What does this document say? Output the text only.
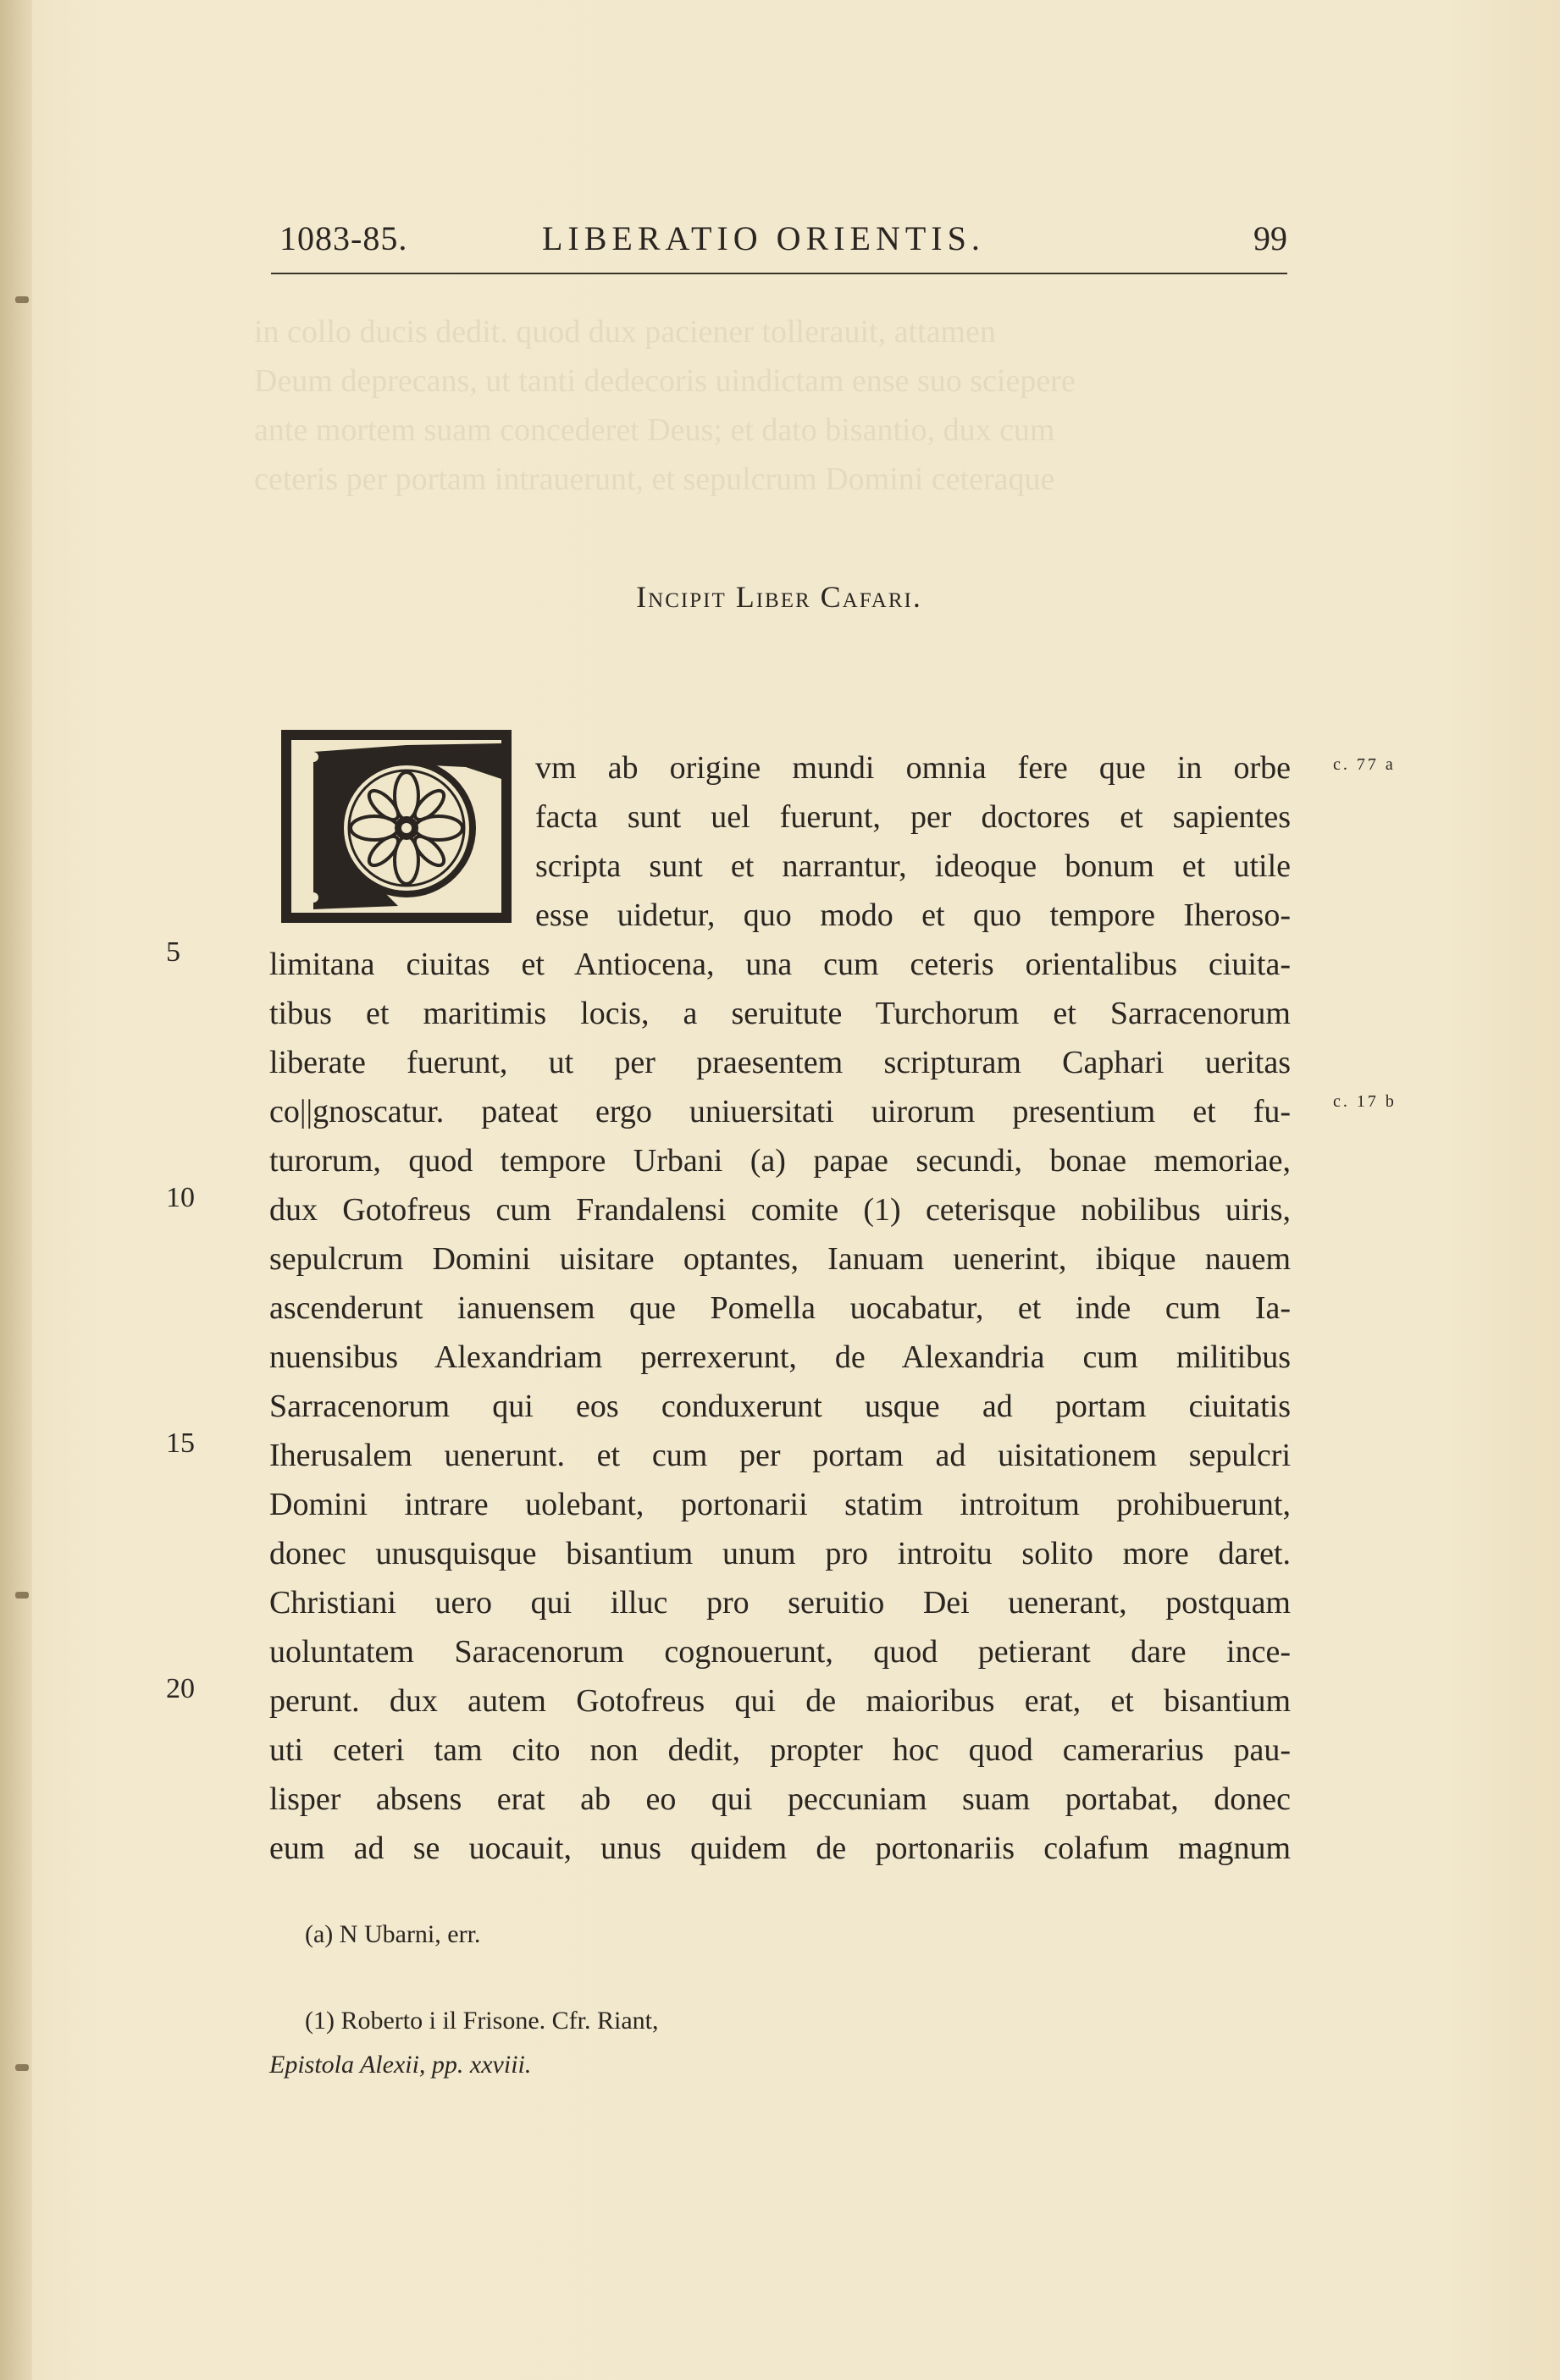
in collo ducis dedit. quod dux paciener tollerauit, attamen
Deum deprecans, ut tanti dedecoris uindictam ense suo sciepere
ante mortem suam concederet Deus; et dato bisantio, dux cum
ceteris per portam intrauerunt, et sepulcrum Domini ceteraque
1083-85.	LIBERATIO ORIENTIS.	99
Incipit Liber Cafari.
vm ab origine mundi omnia fere que in orbe
facta sunt uel fuerunt, per doctores et sapientes
scripta sunt et narrantur, ideoque bonum et utile
esse uidetur, quo modo et quo tempore Iheroso-
limitana ciuitas et Antiocena, una cum ceteris orientalibus ciuita-
tibus et maritimis locis, a seruitute Turchorum et Sarracenorum
liberate fuerunt, ut per praesentem scripturam Caphari ueritas
co||gnoscatur. pateat ergo uniuersitati uirorum presentium et fu-
turorum, quod tempore Urbani (a) papae secundi, bonae memoriae,
dux Gotofreus cum Frandalensi comite (1) ceterisque nobilibus uiris,
sepulcrum Domini uisitare optantes, Ianuam uenerint, ibique nauem
ascenderunt ianuensem que Pomella uocabatur, et inde cum Ia-
nuensibus Alexandriam perrexerunt, de Alexandria cum militibus
Sarracenorum qui eos conduxerunt usque ad portam ciuitatis
Iherusalem uenerunt. et cum per portam ad uisitationem sepulcri
Domini intrare uolebant, portonarii statim introitum prohibuerunt,
donec unusquisque bisantium unum pro introitu solito more daret.
Christiani uero qui illuc pro seruitio Dei uenerant, postquam
uoluntatem Saracenorum cognouerunt, quod petierant dare ince-
perunt. dux autem Gotofreus qui de maioribus erat, et bisantium
uti ceteri tam cito non dedit, propter hoc quod camerarius pau-
lisper absens erat ab eo qui peccuniam suam portabat, donec
eum ad se uocauit, unus quidem de portonariis colafum magnum
5
10
15
20
c. 77 a
c. 17 b
(a) N Ubarni, err.
(1) Roberto i il Frisone. Cfr. Riant,
Epistola Alexii, pp. xxviii.
